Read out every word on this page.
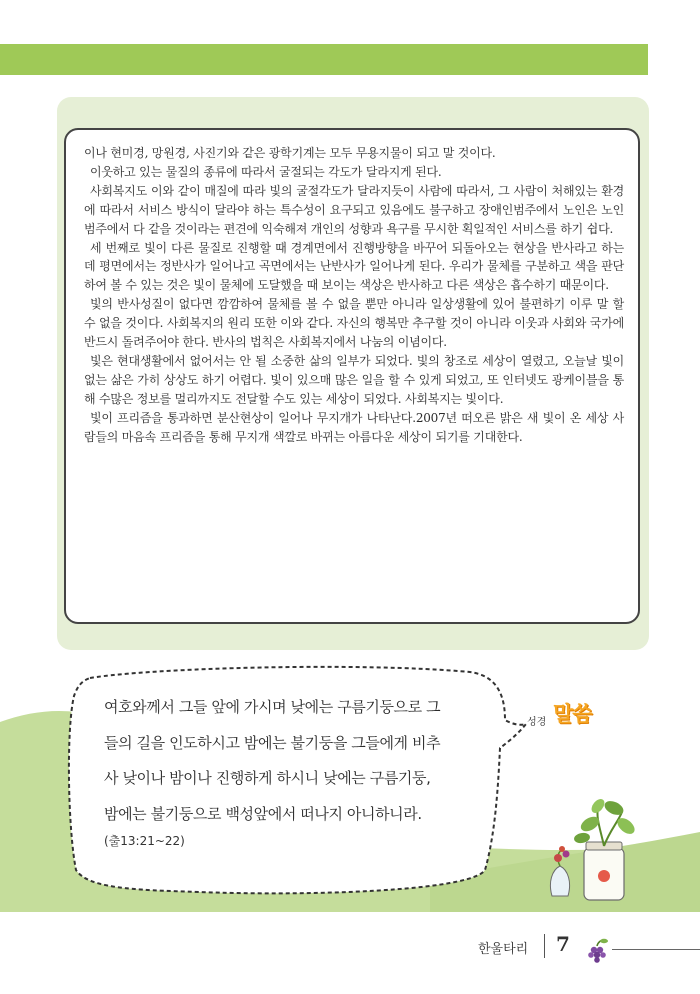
이나 현미경, 망원경, 사진기와 같은 광학기계는 모두 무용지물이 되고 말 것이다.

이웃하고 있는 물질의 종류에 따라서 굴절되는 각도가 달라지게 된다.

사회복지도 이와 같이 매질에 따라 빛의 굴절각도가 달라지듯이 사람에 따라서, 그 사람이 처해있는 환경에 따라서 서비스 방식이 달라야 하는 특수성이 요구되고 있음에도 불구하고 장애인범주에서 노인은 노인범주에서 다 같을 것이라는 편견에 익숙해져 개인의 성향과 욕구를 무시한 획일적인 서비스를 하기 쉽다.

세 번째로 빛이 다른 물질로 진행할 때 경계면에서 진행방향을 바꾸어 되돌아오는 현상을 반사라고 하는데 평면에서는 정반사가 일어나고 곡면에서는 난반사가 일어나게 된다. 우리가 물체를 구분하고 색을 판단하여 볼 수 있는 것은 빛이 물체에 도달했을 때 보이는 색상은 반사하고 다른 색상은 흡수하기 때문이다.

빛의 반사성질이 없다면 깜깜하여 물체를 볼 수 없을 뿐만 아니라 일상생활에 있어 불편하기 이루 말 할 수 없을 것이다. 사회복지의 원리 또한 이와 같다. 자신의 행복만 추구할 것이 아니라 이웃과 사회와 국가에 반드시 돌려주어야 한다. 반사의 법칙은 사회복지에서 나눔의 이념이다.

빛은 현대생활에서 없어서는 안 될 소중한 삶의 일부가 되었다. 빛의 창조로 세상이 열렸고, 오늘날 빛이 없는 삶은 가히 상상도 하기 어렵다. 빛이 있으매 많은 일을 할 수 있게 되었고, 또 인터넷도 광케이블을 통해 수많은 정보를 멀리까지도 전달할 수도 있는 세상이 되었다. 사회복지는 빛이다.

빛이 프리즘을 통과하면 분산현상이 일어나 무지개가 나타난다.2007년 떠오른 밝은 새 빛이 온 세상 사람들의 마음속 프리즘을 통해 무지개 색깔로 바뀌는 아름다운 세상이 되기를 기대한다.

성경 말씀

여호와께서 그들 앞에 가시며 낮에는 구름기둥으로 그

들의 길을 인도하시고 밤에는 불기둥을 그들에게 비추

사 낮이나 밤이나 진행하게 하시니 낮에는 구름기둥,

밤에는 불기둥으로 백성앞에서 떠나지 아니하니라.

(출13:21~22)
한울타리 7
